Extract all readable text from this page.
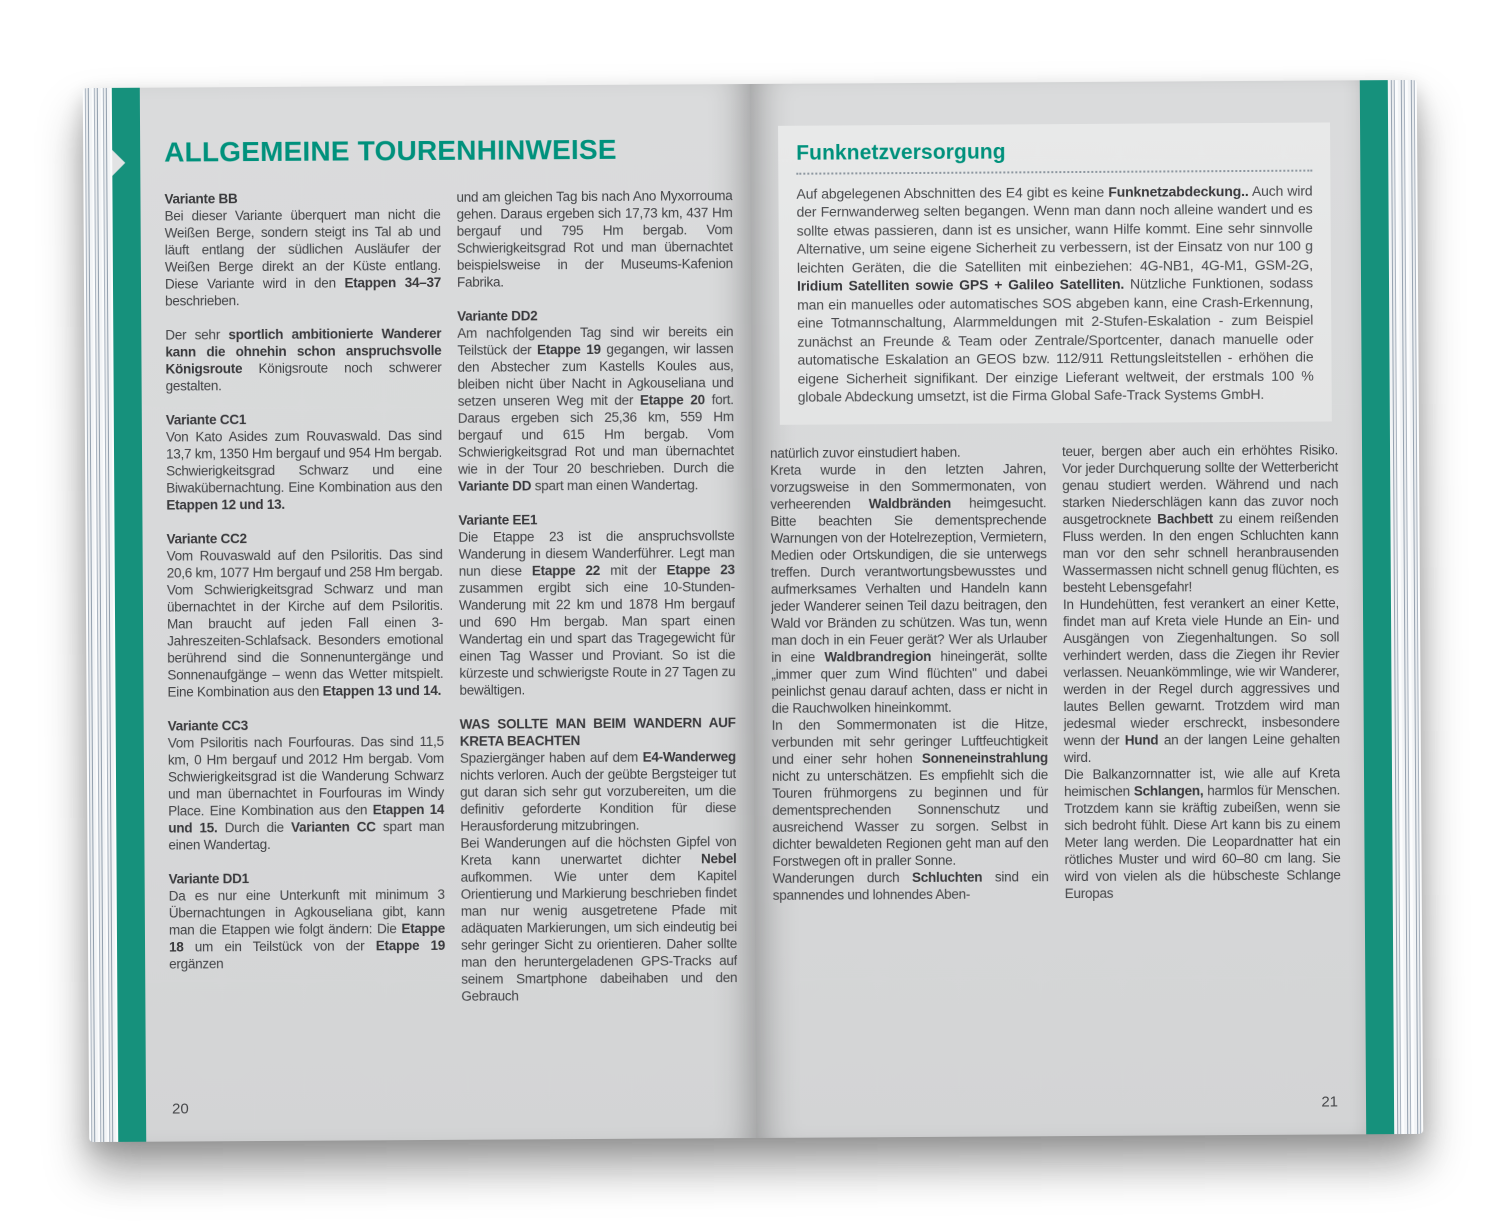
ALLGEMEINE TOURENHINWEISE
Variante BB

Bei dieser Variante überquert man nicht die Weißen Berge, sondern steigt ins Tal ab und läuft entlang der südlichen Ausläufer der Weißen Berge direkt an der Küste entlang. Diese Variante wird in den Etappen 34–37 beschrieben.

Der sehr sportlich ambitionierte Wanderer kann die ohnehin schon anspruchsvolle Königsroute Königsroute noch schwerer gestalten.

Variante CC1

Von Kato Asides zum Rouvaswald. Das sind 13,7 km, 1350 Hm bergauf und 954 Hm bergab. Schwierigkeitsgrad Schwarz und eine Biwakübernachtung. Eine Kombination aus den Etappen 12 und 13.

Variante CC2

Vom Rouvaswald auf den Psiloritis. Das sind 20,6 km, 1077 Hm bergauf und 258 Hm bergab. Vom Schwierigkeitsgrad Schwarz und man übernachtet in der Kirche auf dem Psiloritis. Man braucht auf jeden Fall einen 3-Jahreszeiten-Schlafsack. Besonders emotional berührend sind die Sonnenuntergänge und Sonnenaufgänge – wenn das Wetter mitspielt. Eine Kombination aus den Etappen 13 und 14.

Variante CC3

Vom Psiloritis nach Fourfouras. Das sind 11,5 km, 0 Hm bergauf und 2012 Hm bergab. Vom Schwierigkeitsgrad ist die Wanderung Schwarz und man übernachtet in Fourfouras im Windy Place. Eine Kombination aus den Etappen 14 und 15. Durch die Varianten CC spart man einen Wandertag.

Variante DD1

Da es nur eine Unterkunft mit minimum 3 Übernachtungen in Agkouseliana gibt, kann man die Etappen wie folgt ändern: Die Etappe 18 um ein Teilstück von der Etappe 19 ergänzen

und am gleichen Tag bis nach Ano Myxorrouma gehen. Daraus ergeben sich 17,73 km, 437 Hm bergauf und 795 Hm bergab. Vom Schwierigkeitsgrad Rot und man übernachtet beispielsweise in der Museums-Kafenion Fabrika.

Variante DD2

Am nachfolgenden Tag sind wir bereits ein Teilstück der Etappe 19 gegangen, wir lassen den Abstecher zum Kastells Koules aus, bleiben nicht über Nacht in Agkouseliana und setzen unseren Weg mit der Etappe 20 fort. Daraus ergeben sich 25,36 km, 559 Hm bergauf und 615 Hm bergab. Vom Schwierigkeitsgrad Rot und man übernachtet wie in der Tour 20 beschrieben. Durch die Variante DD spart man einen Wandertag.

Variante EE1

Die Etappe 23 ist die anspruchsvollste Wanderung in diesem Wanderführer. Legt man nun diese Etappe 22 mit der Etappe 23 zusammen ergibt sich eine 10-Stunden-Wanderung mit 22 km und 1878 Hm bergauf und 690 Hm bergab. Man spart einen Wandertag ein und spart das Tragegewicht für einen Tag Wasser und Proviant. So ist die kürzeste und schwierigste Route in 27 Tagen zu bewältigen.

WAS SOLLTE MAN BEIM WANDERN AUF KRETA BEACHTEN

Spaziergänger haben auf dem E4-Wanderweg nichts verloren. Auch der geübte Bergsteiger tut gut daran sich sehr gut vorzubereiten, um die definitiv geforderte Kondition für diese Herausforderung mitzubringen.

Bei Wanderungen auf die höchsten Gipfel von Kreta kann unerwartet dichter Nebel aufkommen. Wie unter dem Kapitel Orientierung und Markierung beschrieben findet man nur wenig ausgetretene Pfade mit adäquaten Markierungen, um sich eindeutig bei sehr geringer Sicht zu orientieren. Daher sollte man den heruntergeladenen GPS-Tracks auf seinem Smartphone dabeihaben und den Gebrauch

20
Funknetzversorgung

Auf abgelegenen Abschnitten des E4 gibt es keine Funknetzabdeckung.. Auch wird der Fernwanderweg selten begangen. Wenn man dann noch alleine wandert und es sollte etwas passieren, dann ist es unsicher, wann Hilfe kommt. Eine sehr sinnvolle Alternative, um seine eigene Sicherheit zu verbessern, ist der Einsatz von nur 100 g leichten Geräten, die die Satelliten mit einbeziehen: 4G-NB1, 4G-M1, GSM-2G, Iridium Satelliten sowie GPS + Galileo Satelliten. Nützliche Funktionen, sodass man ein manuelles oder automatisches SOS abgeben kann, eine Crash-Erkennung, eine Totmannschaltung, Alarmmeldungen mit 2-Stufen-Eskalation - zum Beispiel zunächst an Freunde & Team oder Zentrale/Sportcenter, danach manuelle oder automatische Eskalation an GEOS bzw. 112/911 Rettungsleitstellen - erhöhen die eigene Sicherheit signifikant. Der einzige Lieferant weltweit, der erstmals 100 % globale Abdeckung umsetzt, ist die Firma Global Safe-Track Systems GmbH.

natürlich zuvor einstudiert haben.

Kreta wurde in den letzten Jahren, vorzugsweise in den Sommermonaten, von verheerenden Waldbränden heimgesucht. Bitte beachten Sie dementsprechende Warnungen von der Hotelrezeption, Vermietern, Medien oder Ortskundigen, die sie unterwegs treffen. Durch verantwortungsbewusstes und aufmerksames Verhalten und Handeln kann jeder Wanderer seinen Teil dazu beitragen, den Wald vor Bränden zu schützen. Was tun, wenn man doch in ein Feuer gerät? Wer als Urlauber in eine Waldbrandregion hineingerät, sollte „immer quer zum Wind flüchten" und dabei peinlichst genau darauf achten, dass er nicht in die Rauchwolken hineinkommt.

In den Sommermonaten ist die Hitze, verbunden mit sehr geringer Luftfeuchtigkeit und einer sehr hohen Sonneneinstrahlung nicht zu unterschätzen. Es empfiehlt sich die Touren frühmorgens zu beginnen und für dementsprechenden Sonnenschutz und ausreichend Wasser zu sorgen. Selbst in dichter bewaldeten Regionen geht man auf den Forstwegen oft in praller Sonne.

Wanderungen durch Schluchten sind ein spannendes und lohnendes Aben-

teuer, bergen aber auch ein erhöhtes Risiko. Vor jeder Durchquerung sollte der Wetterbericht genau studiert werden. Während und nach starken Niederschlägen kann das zuvor noch ausgetrocknete Bachbett zu einem reißenden Fluss werden. In den engen Schluchten kann man vor den sehr schnell heranbrausenden Wassermassen nicht schnell genug flüchten, es besteht Lebensgefahr!

In Hundehütten, fest verankert an einer Kette, findet man auf Kreta viele Hunde an Ein- und Ausgängen von Ziegenhaltungen. So soll verhindert werden, dass die Ziegen ihr Revier verlassen. Neuankömmlinge, wie wir Wanderer, werden in der Regel durch aggressives und lautes Bellen gewarnt. Trotzdem wird man jedesmal wieder erschreckt, insbesondere wenn der Hund an der langen Leine gehalten wird.

Die Balkanzornnatter ist, wie alle auf Kreta heimischen Schlangen, harmlos für Menschen. Trotzdem kann sie kräftig zubeißen, wenn sie sich bedroht fühlt. Diese Art kann bis zu einem Meter lang werden. Die Leopardnatter hat ein rötliches Muster und wird 60–80 cm lang. Sie wird von vielen als die hübscheste Schlange Europas

21
